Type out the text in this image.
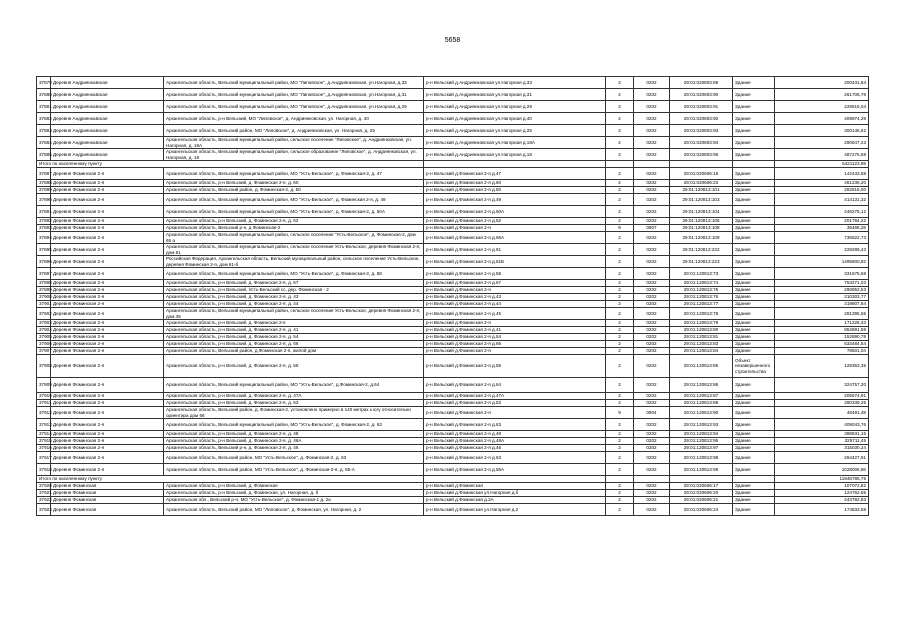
5658
37879	Деревня Андриянкавская	Архангельская область, Вельский муниципальный район, МО "Липовское", д.Андриянковская, ул.Нагорная, д.33	р-н Вельский д.Андриянковская ул.Нагорная д.33	2	0202	29:01:020803:89	Здание	200431,84
37880	Деревня Андриянкавская	Архангельская область, Вельский муниципальный район, МО "Липовское", д.Андриянковская, ул.Нагорная, д.31	р-н Вельский д.Андриянковская ул.Нагорная д.31	2	0202	29:01:020803:90	Здание	261706,76
37881	Деревня Андриянкавская	Архангельская область, Вельский муниципальный район, МО "Липовское", д.Андриянковская, ул.Нагорная, д.29	р-н Вельский д.Андриянковская ул.Нагорная д.29	2	0202	29:01:020803:91	Здание	228615,04
37882	Деревня Андриянкавская	Архангельская область, р-н Вельский, МО "Липовское", д. Андриянковская, ул. Нагорная, д. 40	р-н Вельский д.Андриянковская ул.Нагорная д.40	2	0202	29:01:020803:92	Здание	409974,26
37883	Деревня Андриянкавская	Архангельская область, Вельский район, МО "Липовское", д. Андриянковская, ул. Нагорная, д. 25	р-н Вельский д.Андриянковская ул.Нагорная д.25	2	0202	29:01:020803:93	Здание	300145,62
37884	Деревня Андриянкавская	Архангельская область, Вельский муниципальный район, сельское поселение "Липовское", д. Андриянковская, ул. Нагорная, д. 18А	р-н Вельский д.Андриянковская ул.Нагорная д.18А	2	0202	29:01:020803:94	Здание	290647,23
37885	Деревня Андриянкавская	Архангельская область, Вельский муниципальный район, сельское образование "Липовское", д. Андриянковская, ул. Нагорная, д. 18	р-н Вельский д.Андриянковская ул.Нагорная д.18	2	0202	29:01:020803:96	Здание	487275,58
Итого по населенному пункту								5421123,89
37887	Деревня Фоминская 2-я	Архангельская область, Вельский муниципальный район, МО "Усть-Вельское", д. Фоминская-2, д. 47	р-н Вельский д.Фоминская 2-я д.47	2	0202	29:01:020606:18	Здание	142433,68
37888	Деревня Фоминская 2-я	Архангельская область, р-н Вельский, д. Фоминская 2-я, д. 60	р-н Вельский д.Фоминская 2-я д.60	2	0202	29:01:020606:23	Здание	461236,20
37889	Деревня Фоминская 2-я	Архангельская область, Вельский район, д. Фоминская-2, д. 50	р-н Вельский д.Фоминская 2-я д.50	2	0202	29:01:120813:101	Здание	262815,00
37890	Деревня Фоминская 2-я	Архангельская область, Вельский муниципальный район, МО "Усть-Вельское", д. Фоминская 2-я, д. 49	р-н Вельский д.Фоминская 2-я д.49	2	0202	29:01:120813:103	Здание	414131,32
37891	Деревня Фоминская 2-я	Архангельская область, Вельский муниципальный район, МО "Усть-Вельское", д. Фоминская-2, д. 50А	р-н Вельский д.Фоминская 2-я д.50А	2	0202	29:01:120813:104	Здание	246275,12
37892	Деревня Фоминская 2-я	Архангельская область, р-н Вельский, д. Фоминская 2-я, д. 52	р-н Вельский д.Фоминская 2-я д.52	2	0202	29:01:120813:106	Здание	201784,22
37893	Деревня Фоминская 2-я	Архангельская область, Вельский р-н, д Фоминская-2	р-н Вельский д.Фоминская 2-я	9	0907	29:01:120813:108	Здание	35468,28
37894	Деревня Фоминская 2-я	Архангельская область, Вельский муниципальный район, сельское поселение "Усть-Вельское", д. Фоминская-2, дом 65 а	р-н Вельский д.Фоминская 2-я д.65А	2	0202	29:01:120813:109	Здание	736822,73
37895	Деревня Фоминская 2-я	Архангельская область, Вельский муниципальный район, сельское поселение Усть-Вельское, деревня Фоминская 2-я, дом 61	р-н Вельский д.Фоминская 2-я д.61	2	0202	29:01:120813:222	Здание	228289,43
37896	Деревня Фоминская 2-я	Российская Федерация, Архангельская область, Вельский муниципальный район, сельское поселение Усть-Вельское, деревня Фоминская 2-я, дом 61-б	р-н Вельский д.Фоминская 2-я д.61Б	2	0202	29:01:120813:223	Здание	1495800,82
37897	Деревня Фоминская 2-я	Архангельская область, Вельский муниципальный район, МО "Усть-Вельское", д. Фоминская-2, д. 58	р-н Вельский д.Фоминская 2-я д.58	2	0202	29:01:120813:73	Здание	331675,58
37898	Деревня Фоминская 2-я	Архангельская область, р-н Вельский, д. Фоминская 2-я, д. 67	р-н Вельский д.Фоминская 2-я д.67	2	0202	29:01:120813:74	Здание	753271,03
37899	Деревня Фоминская 2-я	Архангельская область, р-н Вельский, Усть-Вельский сс, дер. Фоминская - 2	р-н Вельский д.Фоминская 2-я	2	0202	29:01:120813:75	Здание	290852,53
37900	Деревня Фоминская 2-я	Архангельская область, р-н Вельский, д. Фоминская 2-я, д. 43	р-н Вельский д.Фоминская 2-я д.43	2	0202	29:01:120813:76	Здание	210303,77
37901	Деревня Фоминская 2-я	Архангельская область, р-н Вельский, д. Фоминская 2-я, д. 44	р-н Вельский д.Фоминская 2-я д.44	2	0202	29:01:120813:77	Здание	319807,84
37902	Деревня Фоминская 2-я	Архангельская область, Вельский муниципальный район, сельское поселение Усть-Вельское, деревня Фоминская 2-я, дом 45	р-н Вельский д.Фоминская 2-я д.45	2	0202	29:01:120813:78	Здание	281395,55
37903	Деревня Фоминская 2-я	Архангельская область, р-н Вельский, д. Фоминская 2-я	р-н Вельский д.Фоминская 2-я	2	0202	29:01:120813:79	Здание	171226,33
37904	Деревня Фоминская 2-я	Архангельская область, р-н Вельский, д. Фоминская 2-я, д. 41	р-н Вельский д.Фоминская 2-я д.41	2	0202	29:01:120813:80	Здание	852891,58
37905	Деревня Фоминская 2-я	Архангельская область, р-н Вельский, д. Фоминская 2-я, д. 54	р-н Вельский д.Фоминская 2-я д.54	2	0202	29:01:120813:81	Здание	152890,78
37906	Деревня Фоминская 2-я	Архангельская область, р-н Вельский, д. Фоминская 2-я, д. 66	р-н Вельский д.Фоминская 2-я д.66	2	0202	29:01:120813:83	Здание	533484,54
37907	Деревня Фоминская 2-я	Архангельская область, Вельский район, д.Фоминская 2-я, жилой дом	р-н Вельский д.Фоминская 2-я	2	0202	29:01:120813:84	Здание	78501,04
37908	Деревня Фоминская 2-я	Архангельская область, р-н Вельский, д. Фоминская 2-я, д. 55	р-н Вельский д.Фоминская 2-я д.55	2	0202	29:01:120813:85	Объект незавершенного строительства	129353,35
37909	Деревня Фоминская 2-я	Архангельская область, Вельский муниципальный район, МО "Усть-Вельское", д.Фоминская-2, д.64	р-н Вельский д.Фоминская 2-я д.64	2	0202	29:01:120813:86	Здание	324757,20
37910	Деревня Фоминская 2-я	Архангельская область, р-н Вельский, д. Фоминская 2-я, д. 47А	р-н Вельский д.Фоминская 2-я д.47А	2	0202	29:01:120813:87	Здание	205574,91
37911	Деревня Фоминская 2-я	Архангельская область, р-н Вельский, д. Фоминская 2-я, д. 53	р-н Вельский д.Фоминская 2-я д.53	2	0202	29:01:120813:88	Здание	280339,25
37912	Деревня Фоминская 2-я	Архангельская область, Вельский район, д. Фоминская-2, установлено примерно в 140 метрах к югу относительно ориентира дом 66	р-н Вельский д.Фоминская 2-я	9	0904	29:01:120813:90	Здание	48491,48
37913	Деревня Фоминская 2-я	Архангельская область, Вельский муниципальный район, МО "Усть-Вельское", д. Фоминская-2, д. 63	р-н Вельский д.Фоминская 2-я д.63	2	0202	29:01:120813:93	Здание	409043,76
37914	Деревня Фоминская 2-я	Архангельская область, р-н Вельский, д. Фоминская 2-я, д. 48	р-н Вельский д.Фоминская 2-я д.48	2	0202	29:01:120813:94	Здание	388831,15
37915	Деревня Фоминская 2-я	Архангельская область, р-н Вельский, д. Фоминская 2-я, д. 48А	р-н Вельский д.Фоминская 2-я д.48А	2	0202	29:01:120813:95	Здание	325711,45
37916	Деревня Фоминская 2-я	Архангельская область, Вельский р-н, д. Фоминская 2-я, д. 46	р-н Вельский д.Фоминская 2-я д.46	2	0202	29:01:120813:97	Здание	315030,24
37917	Деревня Фоминская 2-я	Архангельская область, Вельский район, МО "Усть-Вельское", д. Фоминская-2, д. 63	р-н Вельский д.Фоминская 2-я д.63	2	0202	29:01:120813:98	Здание	264427,91
37918	Деревня Фоминская 2-я	Архангельская область, Вельский район, МО "Усть-Вельское", д. Фоминская-2-я, д. 55-А	р-н Вельский д.Фоминская 2-я д.55А	2	0202	29:01:120813:99	Здание	1028006,86
Итого по населенному пункту								11946785,75
37920	Деревня Фоминская	Архангельская область, р-н Вельский, д. Фоминская	р-н Вельский д.Фоминская	2	0202	29:01:020606:17	Здание	107072,82
37921	Деревня Фоминская	Архангельская область, р-н Вельский, д. Фоминская, ул. Нагорная, д. б	р-н Вельский д.Фоминская ул.Нагорная д.б	2	0202	29:01:020606:20	Здание	124762,55
37922	Деревня Фоминская	Архангельская обл., Вельский р-н, МО "Усть-Вельское", д. Фоминская-1 д. 2а	р-н Вельский д.Фоминская д.2А	2	0202	29:01:020606:21	Здание	243782,83
37923	Деревня Фоминская	Архангельская область, Вельский район, МО "Липовское", д. Фоминская, ул. Нагорная, д. 2	р-н Вельский д.Фоминская ул.Нагорная д.2	2	0202	29:01:020606:24	Здание	174833,58
